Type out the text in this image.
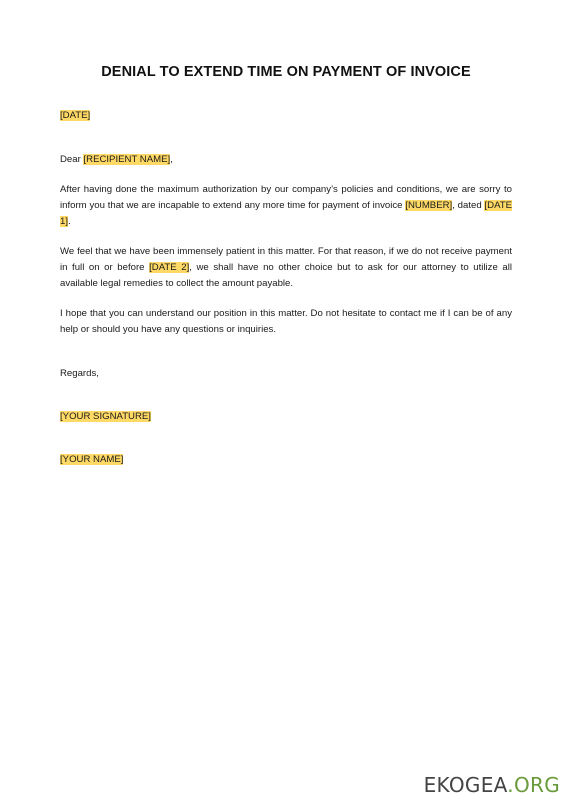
DENIAL TO EXTEND TIME ON PAYMENT OF INVOICE

[DATE]

Dear [RECIPIENT NAME],

After having done the maximum authorization by our company’s policies and conditions, we are sorry to inform you that we are incapable to extend any more time for payment of invoice [NUMBER], dated [DATE 1].

We feel that we have been immensely patient in this matter. For that reason, if we do not receive payment in full on or before [DATE 2], we shall have no other choice but to ask for our attorney to utilize all available legal remedies to collect the amount payable.

I hope that you can understand our position in this matter. Do not hesitate to contact me if I can be of any help or should you have any questions or inquiries.

Regards,

[YOUR SIGNATURE]

[YOUR NAME]

EKOGEA.ORG
